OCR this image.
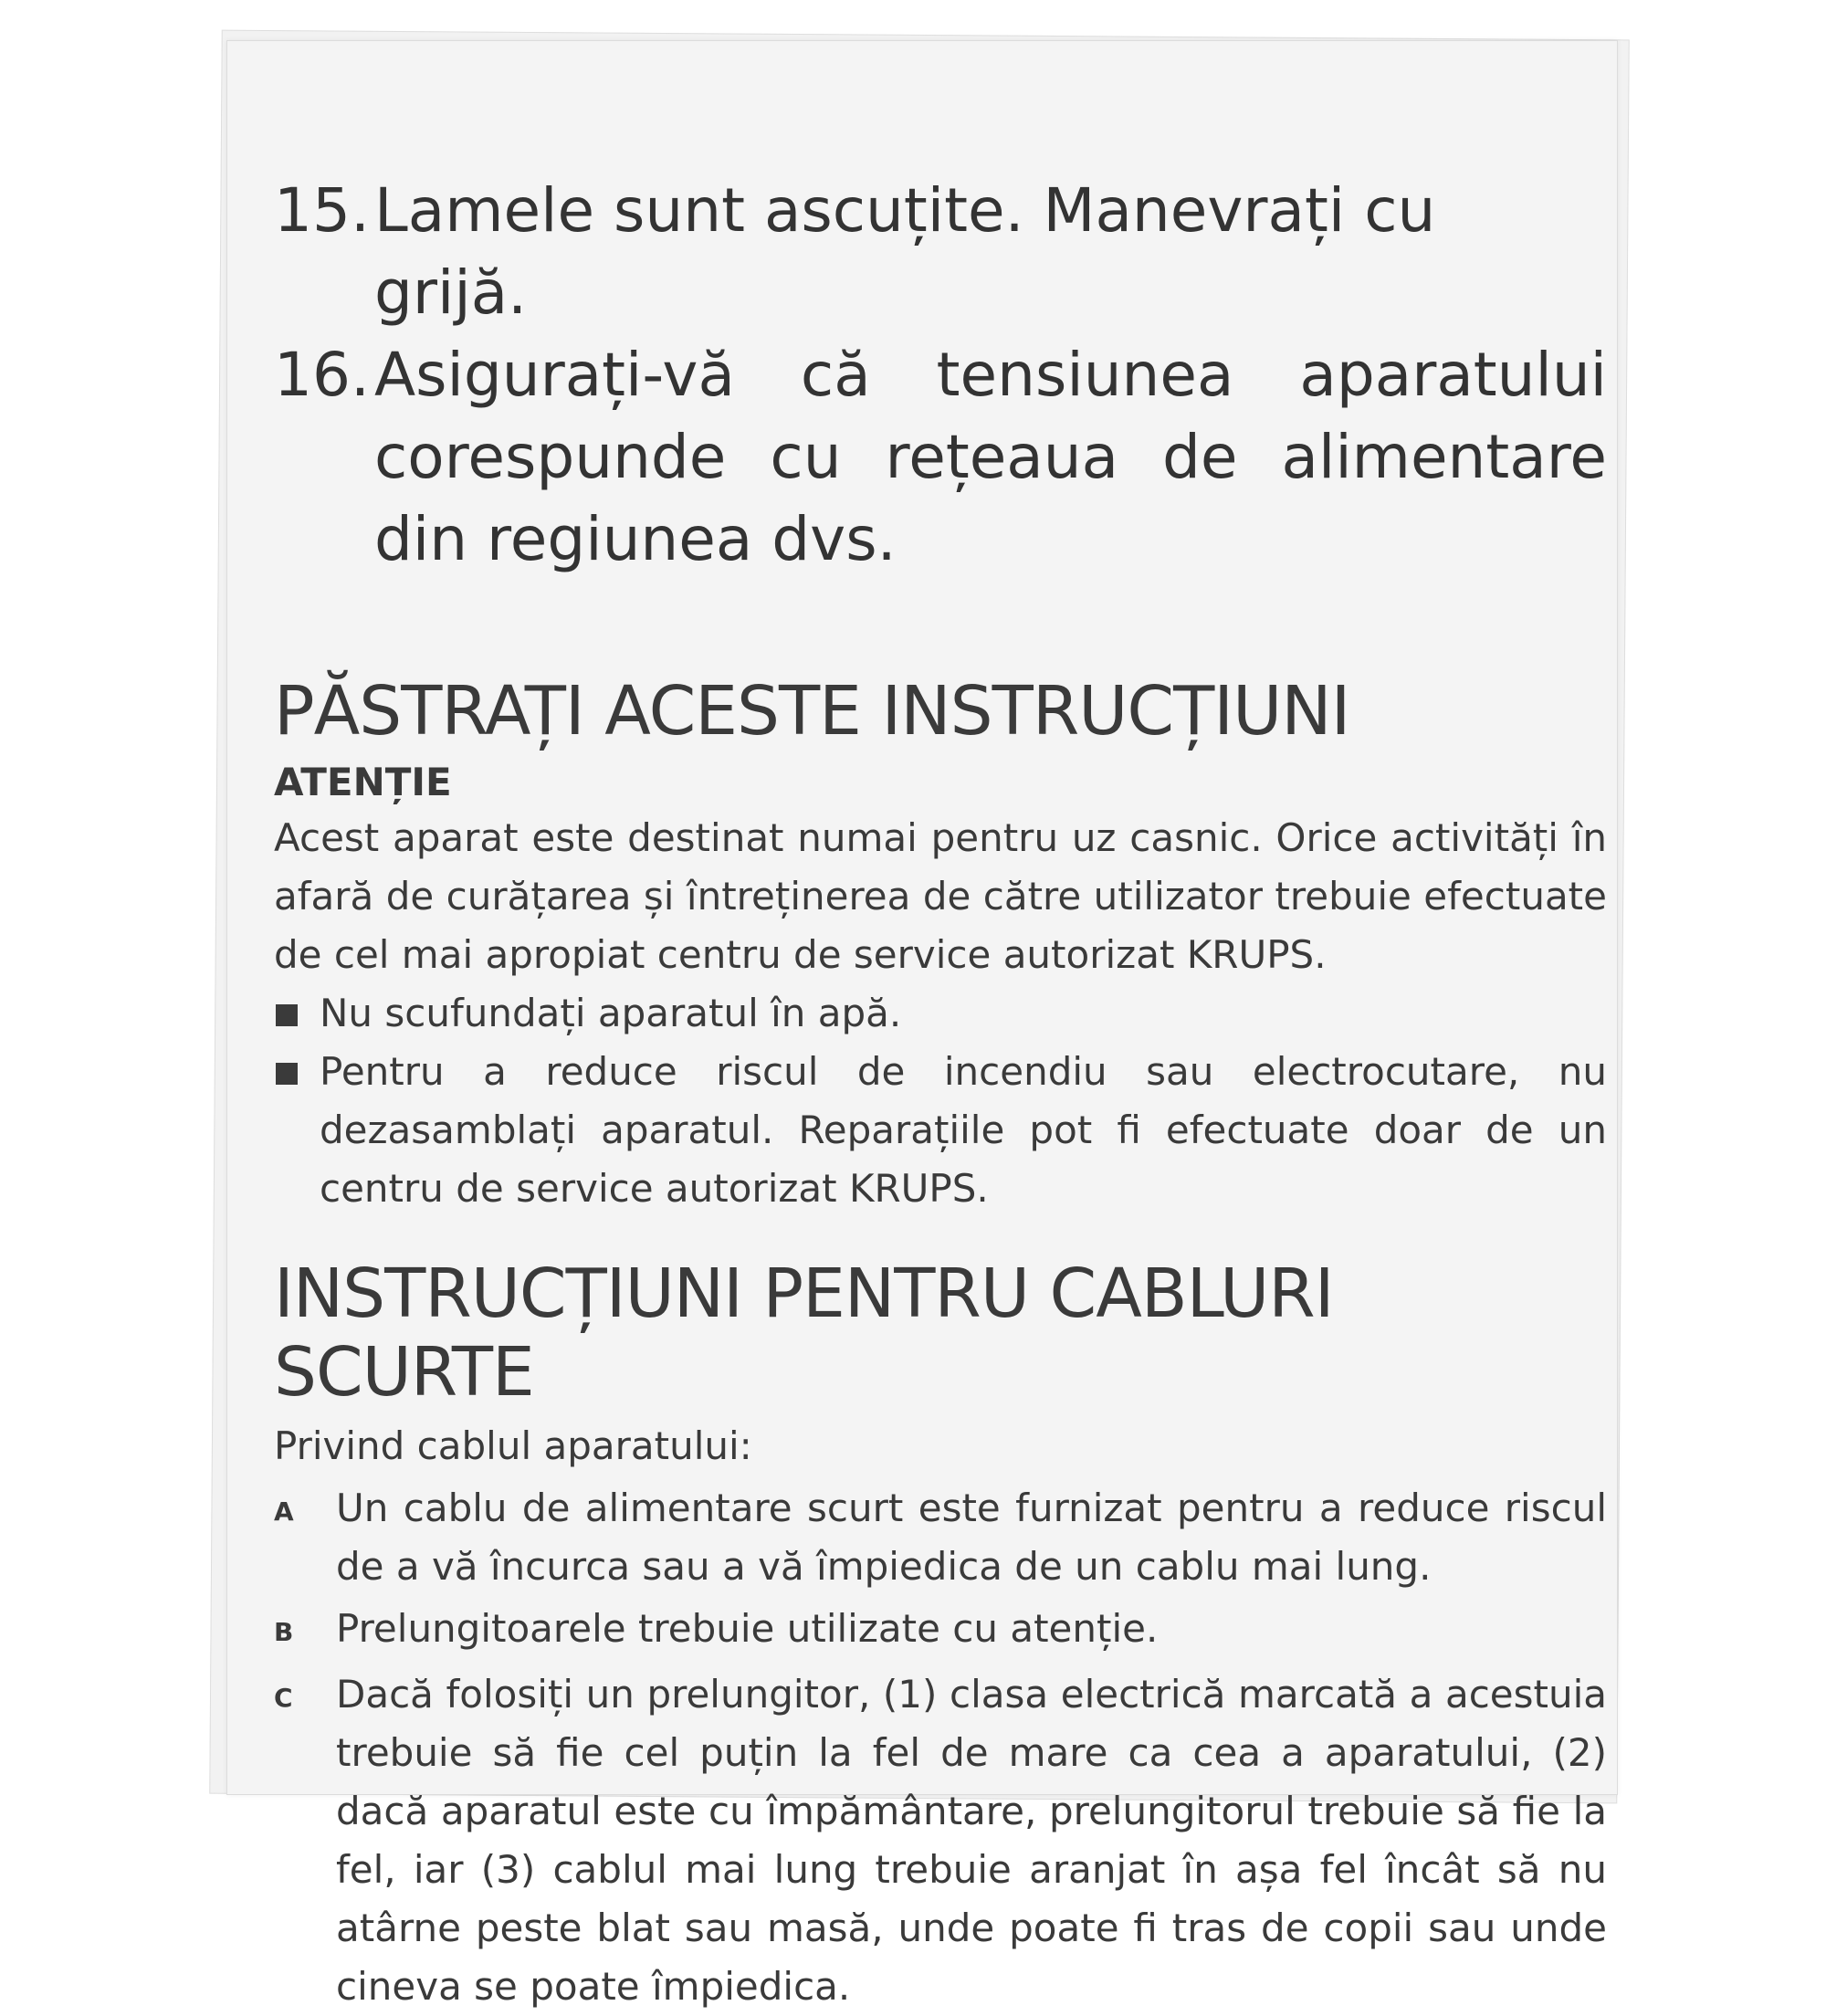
15. Lamele sunt ascuțite. Manevrați cu grijă.
16. Asigurați-vă că tensiunea aparatului corespunde cu rețeaua de alimentare din regiunea dvs.
PĂSTRAȚI ACESTE INSTRUCȚIUNI
ATENȚIE
Acest aparat este destinat numai pentru uz casnic. Orice activități în afară de curățarea și întreținerea de către utilizator trebuie efectuate de cel mai apropiat centru de service autorizat KRUPS.
Nu scufundați aparatul în apă.
Pentru a reduce riscul de incendiu sau electrocutare, nu dezasamblați aparatul. Reparațiile pot fi efectuate doar de un centru de service autorizat KRUPS.
INSTRUCȚIUNI PENTRU CABLURI SCURTE
Privind cablul aparatului:
A	Un cablu de alimentare scurt este furnizat pentru a reduce riscul de a vă încurca sau a vă împiedica de un cablu mai lung.
B	Prelungitoarele trebuie utilizate cu atenție.
C	Dacă folosiți un prelungitor, (1) clasa electrică marcată a acestuia trebuie să fie cel puțin la fel de mare ca cea a aparatului, (2) dacă aparatul este cu împământare, prelungitorul trebuie să fie la fel, iar (3) cablul mai lung trebuie aranjat în așa fel încât să nu atârne peste blat sau masă, unde poate fi tras de copii sau unde cineva se poate împiedica.
